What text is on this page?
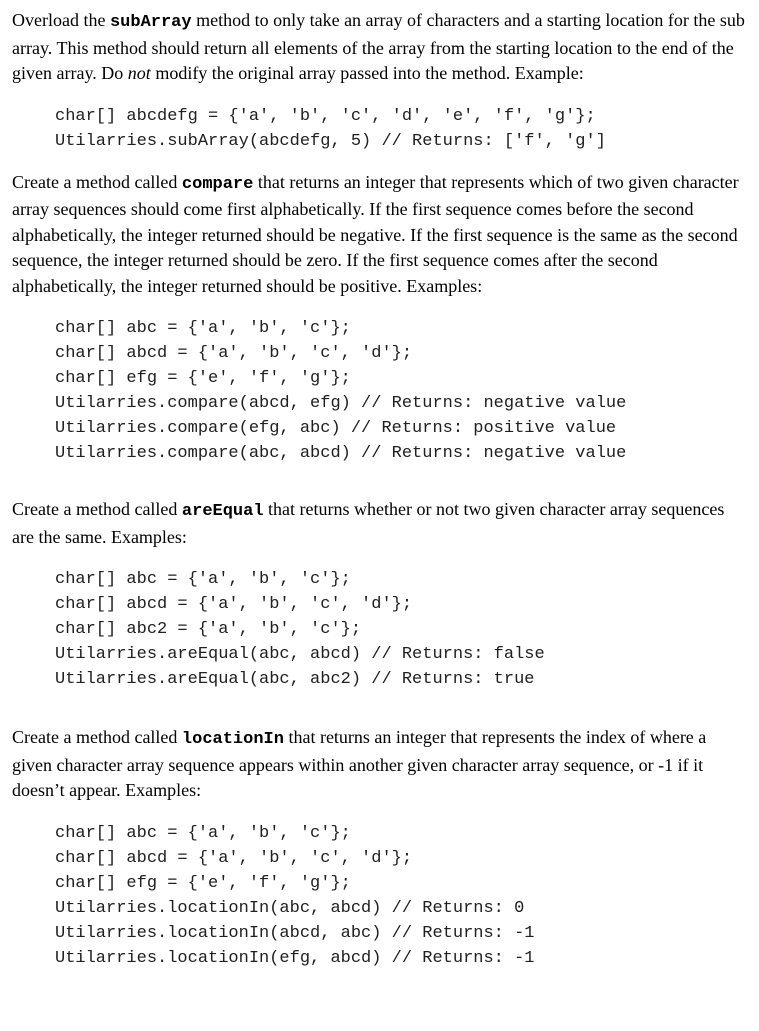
Overload the subArray method to only take an array of characters and a starting location for the sub array. This method should return all elements of the array from the starting location to the end of the given array. Do not modify the original array passed into the method. Example:

char[] abcdefg = {'a', 'b', 'c', 'd', 'e', 'f', 'g'};
Utilarries.subArray(abcdefg, 5) // Returns: ['f', 'g']

Create a method called compare that returns an integer that represents which of two given character array sequences should come first alphabetically. If the first sequence comes before the second alphabetically, the integer returned should be negative. If the first sequence is the same as the second sequence, the integer returned should be zero. If the first sequence comes after the second alphabetically, the integer returned should be positive. Examples:

char[] abc = {'a', 'b', 'c'};
char[] abcd = {'a', 'b', 'c', 'd'};
char[] efg = {'e', 'f', 'g'};
Utilarries.compare(abcd, efg) // Returns: negative value
Utilarries.compare(efg, abc) // Returns: positive value
Utilarries.compare(abc, abcd) // Returns: negative value

Create a method called areEqual that returns whether or not two given character array sequences are the same. Examples:

char[] abc = {'a', 'b', 'c'};
char[] abcd = {'a', 'b', 'c', 'd'};
char[] abc2 = {'a', 'b', 'c'};
Utilarries.areEqual(abc, abcd) // Returns: false
Utilarries.areEqual(abc, abc2) // Returns: true

Create a method called locationIn that returns an integer that represents the index of where a given character array sequence appears within another given character array sequence, or -1 if it doesn’t appear. Examples:

char[] abc = {'a', 'b', 'c'};
char[] abcd = {'a', 'b', 'c', 'd'};
char[] efg = {'e', 'f', 'g'};
Utilarries.locationIn(abc, abcd) // Returns: 0
Utilarries.locationIn(abcd, abc) // Returns: -1
Utilarries.locationIn(efg, abcd) // Returns: -1
